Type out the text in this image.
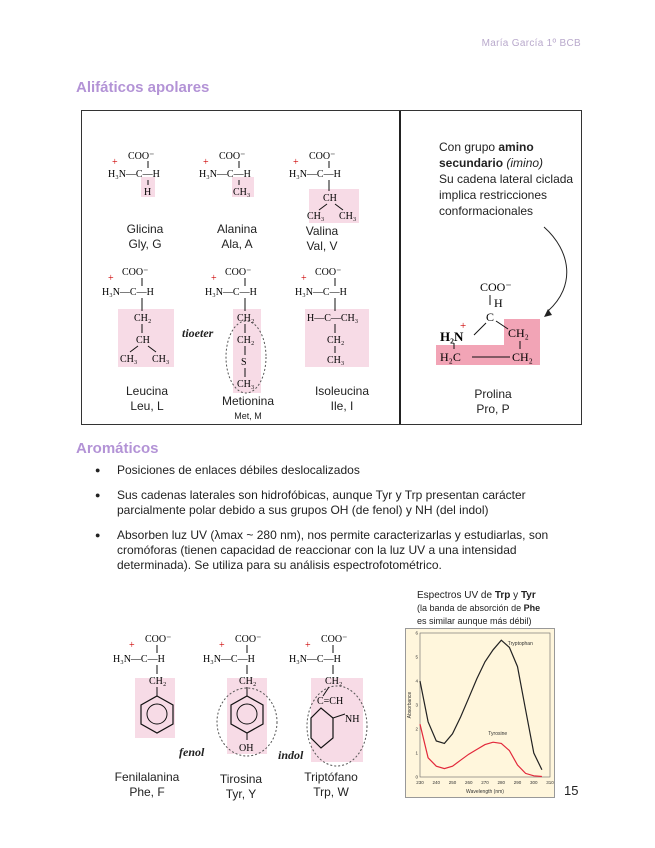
María García 1º BCB
Alifáticos apolares
COO⁻
+
H₃N—C—H
H
Glicina
Gly, G
COO⁻
+
H₃N—C—H
CH₃
Alanina
Ala, A
COO⁻
+
H₃N—C—H
CH
CH₃ CH₃
Valina
Val, V
COO⁻
+
H₃N—C—H
CH₂
CH
CH₃ CH₃
Leucina
Leu, L
COO⁻
+
H₃N—C—H
CH₂
CH₂
S
CH₃
tioeter
Metionina
Met, M
COO⁻
+
H₃N—C—H
H—C—CH₃
CH₂
CH₃
Isoleucina
Ile, I
Con grupo amino
secundario (imino)
Su cadena lateral ciclada implica restricciones conformacionales
COO⁻
H
C
H₂N
+	CH₂
CH₂
H₂C
Prolina
Pro, P
Aromáticos
● Posiciones de enlaces débiles deslocalizados
● Sus cadenas laterales son hidrofóbicas, aunque Tyr y Trp presentan carácter parcialmente polar debido a sus grupos OH (de fenol) y NH (del indol)
● Absorben luz UV (λmax ~ 280 nm), nos permite caracterizarlas y estudiarlas, son cromóforas (tienen capacidad de reaccionar con la luz UV a una intensidad determinada). Se utiliza para su análisis espectrofotométrico.
COO⁻
+
H₃N—C—H
CH₂
Fenilalanina
Phe, F
COO⁻
+
H₃N—C—H
CH₂
OH
fenol
Tirosina
Tyr, Y
COO⁻
+
H₃N—C—H
CH₂
C=CH
NH
indol
Triptófano
Trp, W
Espectros UV de Trp y Tyr
(la banda de absorción de Phe
es similar aunque más débil)
230 240 250 260 270 280 290 300 310
0
1
2
3
4
5
6
Wavelength (nm)
Absorbance
Tryptophan
Tyrosine
15
